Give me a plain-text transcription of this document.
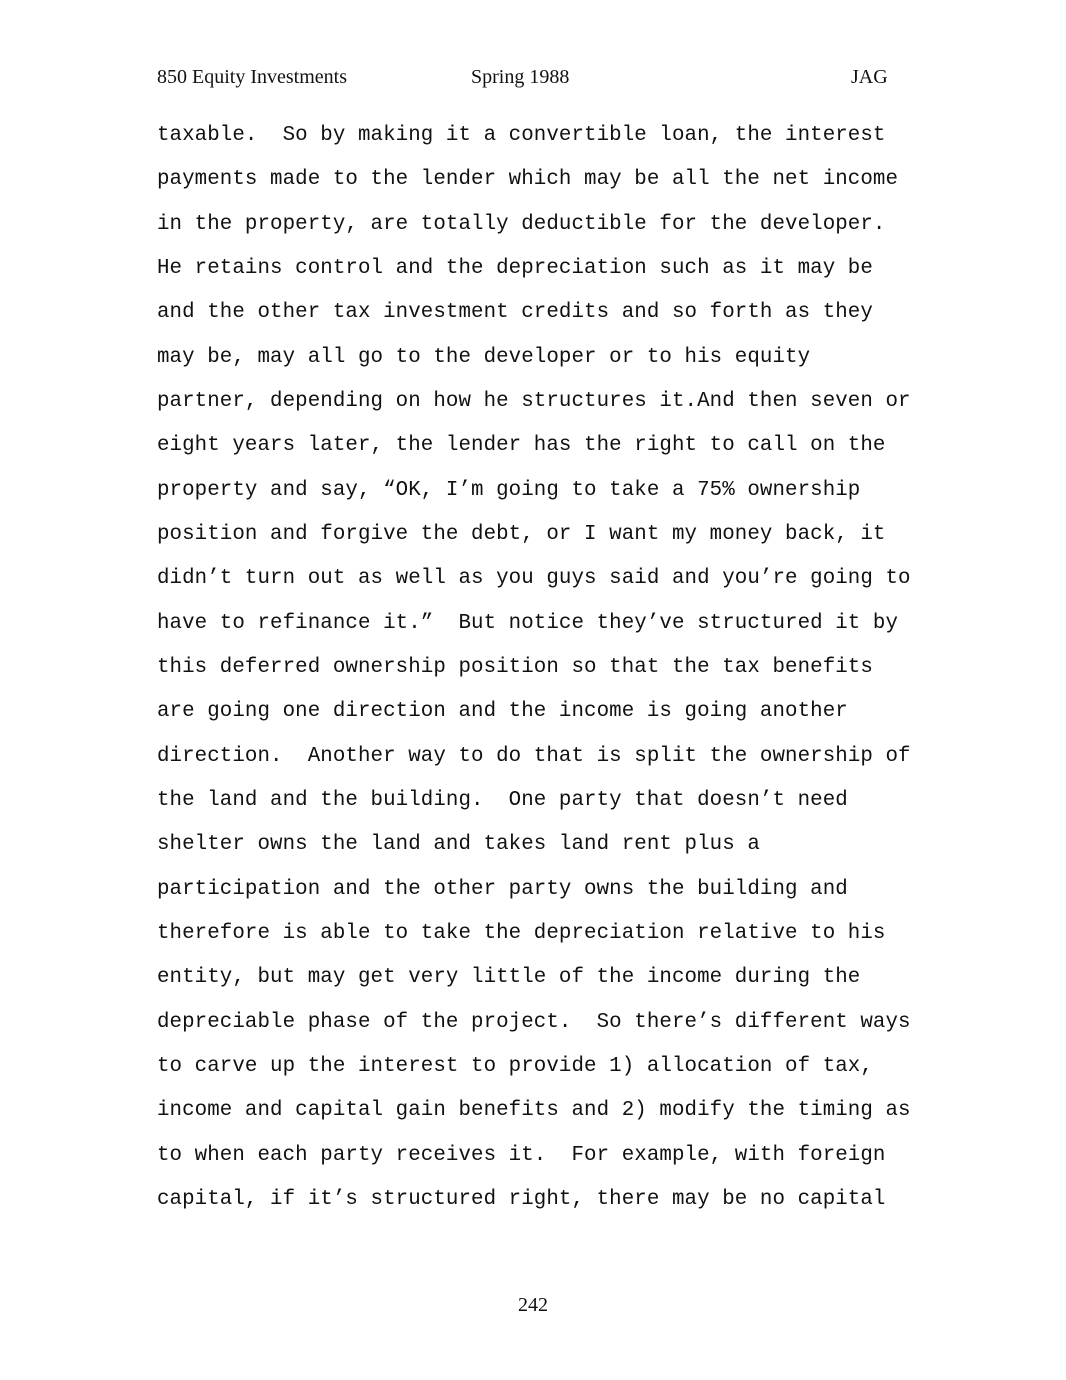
850 Equity Investments	Spring 1988	JAG
taxable.  So by making it a convertible loan, the interest
payments made to the lender which may be all the net income
in the property, are totally deductible for the developer.
He retains control and the depreciation such as it may be
and the other tax investment credits and so forth as they
may be, may all go to the developer or to his equity
partner, depending on how he structures it.And then seven or
eight years later, the lender has the right to call on the
property and say, “OK, I’m going to take a 75% ownership
position and forgive the debt, or I want my money back, it
didn’t turn out as well as you guys said and you’re going to
have to refinance it.”  But notice they’ve structured it by
this deferred ownership position so that the tax benefits
are going one direction and the income is going another
direction.  Another way to do that is split the ownership of
the land and the building.  One party that doesn’t need
shelter owns the land and takes land rent plus a
participation and the other party owns the building and
therefore is able to take the depreciation relative to his
entity, but may get very little of the income during the
depreciable phase of the project.  So there’s different ways
to carve up the interest to provide 1) allocation of tax,
income and capital gain benefits and 2) modify the timing as
to when each party receives it.  For example, with foreign
capital, if it’s structured right, there may be no capital
242
